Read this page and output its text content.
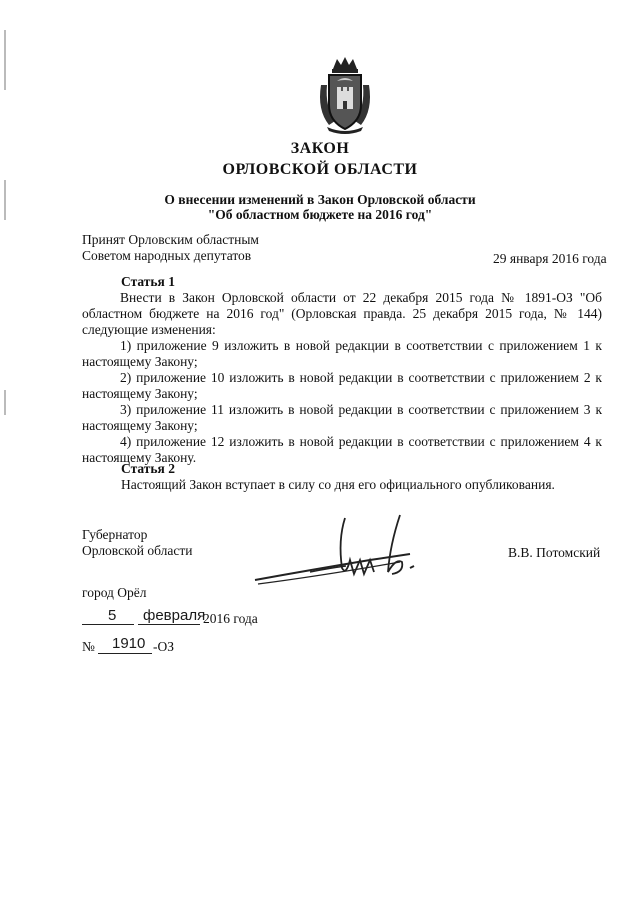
ЗАКОН
ОРЛОВСКОЙ ОБЛАСТИ
О внесении изменений в Закон Орловской области
"Об областном бюджете на 2016 год"
Принят Орловским областным
Советом народных депутатов	29 января 2016 года
Статья 1

Внести в Закон Орловской области от 22 декабря 2015 года № 1891-ОЗ "Об областном бюджете на 2016 год" (Орловская правда. 25 декабря 2015 года, № 144) следующие изменения:

1) приложение 9 изложить в новой редакции в соответствии с приложением 1 к настоящему Закону;

2) приложение 10 изложить в новой редакции в соответствии с приложением 2 к настоящему Закону;

3) приложение 11 изложить в новой редакции в соответствии с приложением 3 к настоящему Закону;

4) приложение 12 изложить в новой редакции в соответствии с приложением 4 к настоящему Закону.

Статья 2
Настоящий Закон вступает в силу со дня его официального опубликования.
Губернатор
Орловской области	В.В. Потомский
город Орёл
5 февраля
2016 года
№ 1910 -ОЗ
